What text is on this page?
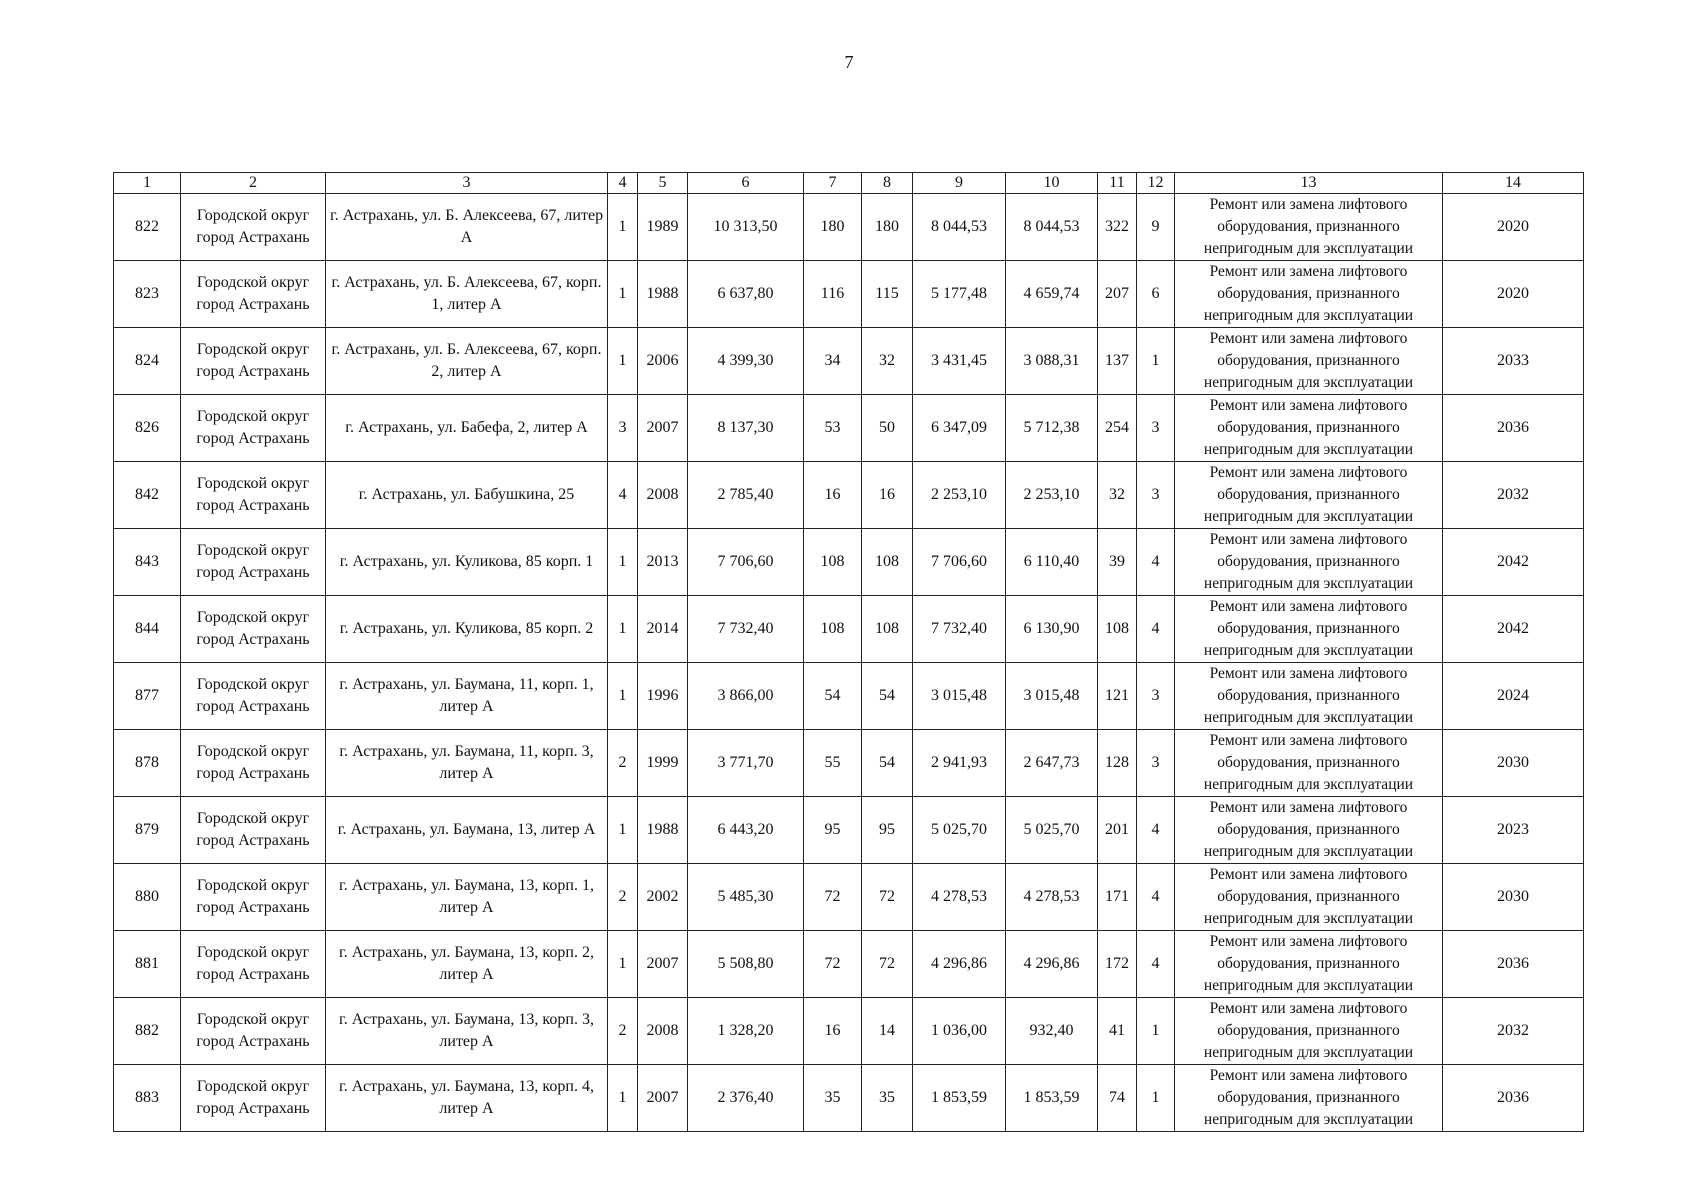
7
1	2	3	4	5	6	7	8	9	10	11	12	13	14
822	Городской округ город Астрахань	г. Астрахань, ул. Б. Алексеева, 67, литер А	1	1989	10 313,50	180	180	8 044,53	8 044,53	322	9	Ремонт или замена лифтового оборудования, признанного непригодным для эксплуатации	2020
823	Городской округ город Астрахань	г. Астрахань, ул. Б. Алексеева, 67, корп. 1, литер А	1	1988	6 637,80	116	115	5 177,48	4 659,74	207	6	Ремонт или замена лифтового оборудования, признанного непригодным для эксплуатации	2020
824	Городской округ город Астрахань	г. Астрахань, ул. Б. Алексеева, 67, корп. 2, литер А	1	2006	4 399,30	34	32	3 431,45	3 088,31	137	1	Ремонт или замена лифтового оборудования, признанного непригодным для эксплуатации	2033
826	Городской округ город Астрахань	г. Астрахань, ул. Бабефа, 2, литер А	3	2007	8 137,30	53	50	6 347,09	5 712,38	254	3	Ремонт или замена лифтового оборудования, признанного непригодным для эксплуатации	2036
842	Городской округ город Астрахань	г. Астрахань, ул. Бабушкина, 25	4	2008	2 785,40	16	16	2 253,10	2 253,10	32	3	Ремонт или замена лифтового оборудования, признанного непригодным для эксплуатации	2032
843	Городской округ город Астрахань	г. Астрахань, ул. Куликова, 85 корп. 1	1	2013	7 706,60	108	108	7 706,60	6 110,40	39	4	Ремонт или замена лифтового оборудования, признанного непригодным для эксплуатации	2042
844	Городской округ город Астрахань	г. Астрахань, ул. Куликова, 85 корп. 2	1	2014	7 732,40	108	108	7 732,40	6 130,90	108	4	Ремонт или замена лифтового оборудования, признанного непригодным для эксплуатации	2042
877	Городской округ город Астрахань	г. Астрахань, ул. Баумана, 11, корп. 1, литер А	1	1996	3 866,00	54	54	3 015,48	3 015,48	121	3	Ремонт или замена лифтового оборудования, признанного непригодным для эксплуатации	2024
878	Городской округ город Астрахань	г. Астрахань, ул. Баумана, 11, корп. 3, литер А	2	1999	3 771,70	55	54	2 941,93	2 647,73	128	3	Ремонт или замена лифтового оборудования, признанного непригодным для эксплуатации	2030
879	Городской округ город Астрахань	г. Астрахань, ул. Баумана, 13, литер А	1	1988	6 443,20	95	95	5 025,70	5 025,70	201	4	Ремонт или замена лифтового оборудования, признанного непригодным для эксплуатации	2023
880	Городской округ город Астрахань	г. Астрахань, ул. Баумана, 13, корп. 1, литер А	2	2002	5 485,30	72	72	4 278,53	4 278,53	171	4	Ремонт или замена лифтового оборудования, признанного непригодным для эксплуатации	2030
881	Городской округ город Астрахань	г. Астрахань, ул. Баумана, 13, корп. 2, литер А	1	2007	5 508,80	72	72	4 296,86	4 296,86	172	4	Ремонт или замена лифтового оборудования, признанного непригодным для эксплуатации	2036
882	Городской округ город Астрахань	г. Астрахань, ул. Баумана, 13, корп. 3, литер А	2	2008	1 328,20	16	14	1 036,00	932,40	41	1	Ремонт или замена лифтового оборудования, признанного непригодным для эксплуатации	2032
883	Городской округ город Астрахань	г. Астрахань, ул. Баумана, 13, корп. 4, литер А	1	2007	2 376,40	35	35	1 853,59	1 853,59	74	1	Ремонт или замена лифтового оборудования, признанного непригодным для эксплуатации	2036
